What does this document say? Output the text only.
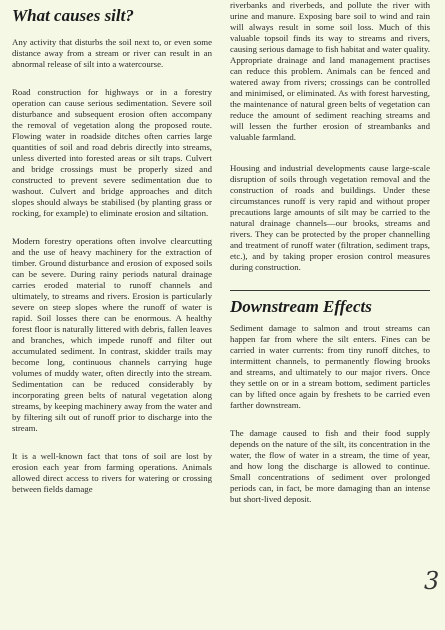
What causes silt?

Any activity that disturbs the soil next to, or even some distance away from a stream or river can result in an abnormal release of silt into a watercourse.

Road construction for highways or in a forestry operation can cause serious sedimentation. Severe soil disturbance and subsequent erosion often accompany the removal of vegetation along the proposed route. Flowing water in roadside ditches often carries large quantities of soil and road debris directly into streams, unless diverted into forested areas or silt traps. Culvert and bridge crossings must be properly sized and constructed to prevent severe sedimentation due to washout. Culvert and bridge approaches and ditch slopes should always be stabilised (by planting grass or rocking, for example) to eliminate erosion and siltation.

Modern forestry operations often involve clearcutting and the use of heavy machinery for the extraction of timber. Ground disturbance and erosion of exposed soils can be severe. During rainy periods natural drainage carries eroded material to runoff channels and ultimately, to streams and rivers. Erosion is particularly severe on steep slopes where the runoff of water is rapid. Soil losses there can be enormous. A healthy forest floor is naturally littered with debris, fallen leaves and branches, which impede runoff and filter out accumulated sediment. In contrast, skidder trails may become long, continuous channels carrying huge volumes of muddy water, often directly into the stream. Sedimentation can be reduced considerably by incorporating green belts of natural vegetation along streams, by keeping machinery away from the water and by filtering silt out of runoff prior to discharge into the stream.

It is a well-known fact that tons of soil are lost by erosion each year from farming operations. Animals allowed direct access to rivers for watering or crossing between fields damage

riverbanks and riverbeds, and pollute the river with urine and manure. Exposing bare soil to wind and rain will always result in some soil loss. Much of this valuable topsoil finds its way to streams and rivers, causing serious damage to fish habitat and water quality. Appropriate drainage and land management practises can reduce this problem. Animals can be fenced and watered away from rivers; crossings can be controlled and minimised, or eliminated. As with forest harvesting, the maintenance of natural green belts of vegetation can reduce the amount of sediment reaching streams and will lessen the further erosion of streambanks and valuable farmland.

Housing and industrial developments cause large-scale disruption of soils through vegetation removal and the construction of roads and buildings. Under these circumstances runoff is very rapid and without proper precautions large amounts of silt may be carried to the natural drainage channels—our brooks, streams and rivers. They can be protected by the proper channelling and treatment of runoff water (filtration, sediment traps, etc.), and by taking proper erosion control measures during construction.

Downstream Effects

Sediment damage to salmon and trout streams can happen far from where the silt enters. Fines can be carried in water currents: from tiny runoff ditches, to intermittent channels, to permanently flowing brooks and streams, and ultimately to our major rivers. Once they settle on or in a stream bottom, sediment particles can by lifted once again by freshets to be carried even farther downstream.

The damage caused to fish and their food supply depends on the nature of the silt, its concentration in the water, the flow of water in a stream, the time of year, and how long the discharge is allowed to continue. Small concentrations of sediment over prolonged periods can, in fact, be more damaging than an intense but short-lived deposit.

3
